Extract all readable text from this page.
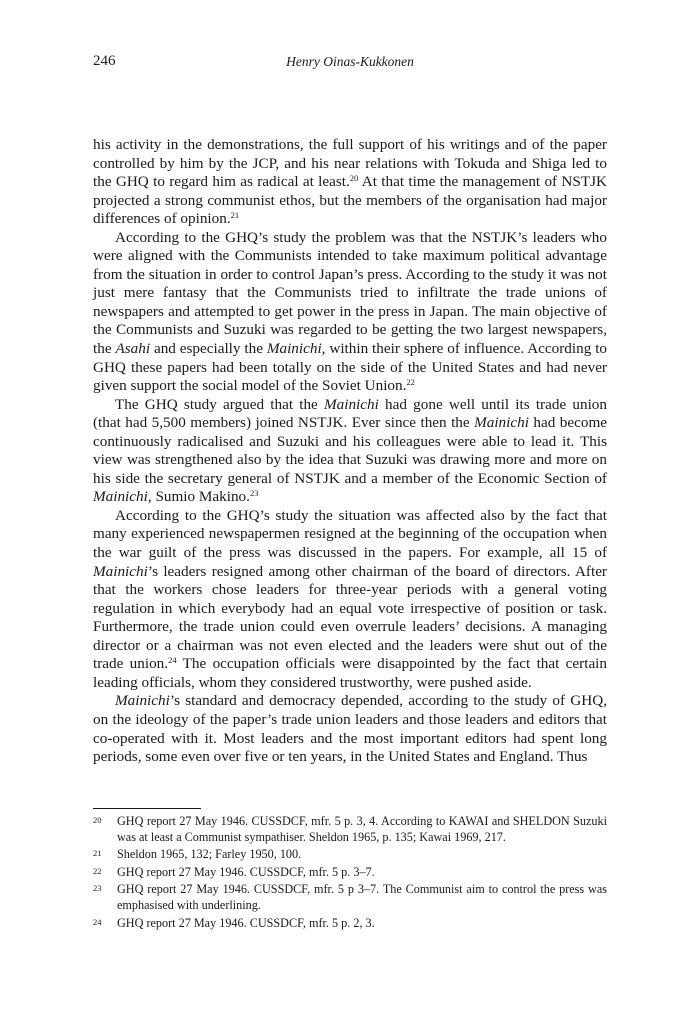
246	Henry Oinas-Kukkonen

his activity in the demonstrations, the full support of his writings and of the paper controlled by him by the JCP, and his near relations with Tokuda and Shiga led to the GHQ to regard him as radical at least.$^{20}$ At that time the management of NSTJK projected a strong communist ethos, but the members of the organisation had major differences of opinion.$^{21}$

According to the GHQ’s study the problem was that the NSTJK’s leaders who were aligned with the Communists intended to take maximum political advantage from the situation in order to control Japan’s press. According to the study it was not just mere fantasy that the Communists tried to infiltrate the trade unions of newspapers and attempted to get power in the press in Japan. The main objective of the Communists and Suzuki was regarded to be getting the two largest newspapers, the Asahi and especially the Mainichi, within their sphere of influence. According to GHQ these papers had been totally on the side of the United States and had never given support the social model of the Soviet Union.$^{22}$

The GHQ study argued that the Mainichi had gone well until its trade union (that had 5,500 members) joined NSTJK. Ever since then the Mainichi had become continuously radicalised and Suzuki and his colleagues were able to lead it. This view was strengthened also by the idea that Suzuki was drawing more and more on his side the secretary general of NSTJK and a member of the Economic Section of Mainichi, Sumio Makino.$^{23}$

According to the GHQ’s study the situation was affected also by the fact that many experienced newspapermen resigned at the beginning of the occupation when the war guilt of the press was discussed in the papers. For example, all 15 of Mainichi’s leaders resigned among other chairman of the board of directors. After that the workers chose leaders for three-year periods with a general voting regulation in which everybody had an equal vote irrespective of position or task. Furthermore, the trade union could even overrule leaders’ decisions. A managing director or a chairman was not even elected and the leaders were shut out of the trade union.$^{24}$ The occupation officials were disappointed by the fact that certain leading officials, whom they considered trustworthy, were pushed aside.

Mainichi’s standard and democracy depended, according to the study of GHQ, on the ideology of the paper’s trade union leaders and those leaders and editors that co-operated with it. Most leaders and the most important editors had spent long periods, some even over five or ten years, in the United States and England. Thus

20	GHQ report 27 May 1946. CUSSDCF, mfr. 5 p. 3, 4. According to KAWAI and SHELDON Suzuki was at least a Communist sympathiser. Sheldon 1965, p. 135; Kawai 1969, 217.
21	Sheldon 1965, 132; Farley 1950, 100.
22	GHQ report 27 May 1946. CUSSDCF, mfr. 5 p. 3–7.
23	GHQ report 27 May 1946. CUSSDCF, mfr. 5 p 3–7. The Communist aim to control the press was emphasised with underlining.
24	GHQ report 27 May 1946. CUSSDCF, mfr. 5 p. 2, 3.
